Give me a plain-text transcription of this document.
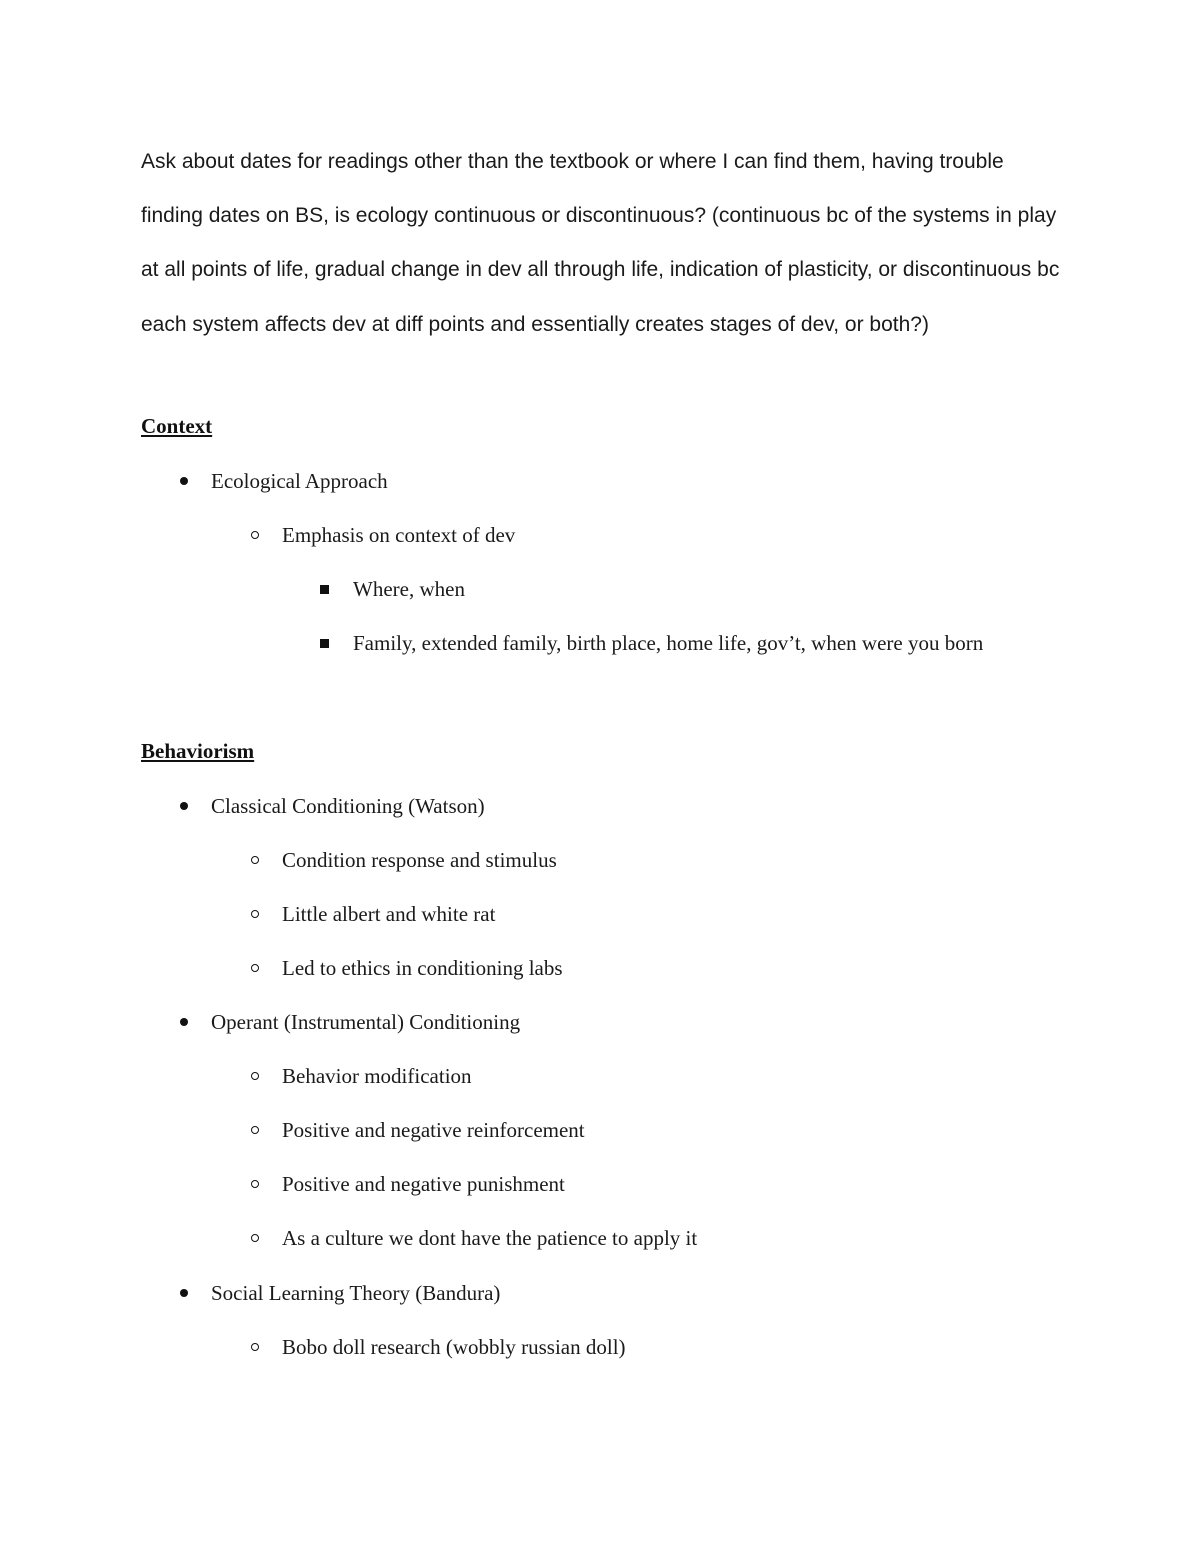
Ask about dates for readings other than the textbook or where I can find them, having trouble finding dates on BS, is ecology continuous or discontinuous? (continuous bc of the systems in play at all points of life, gradual change in dev all through life, indication of plasticity, or discontinuous bc each system affects dev at diff points and essentially creates stages of dev, or both?)
Context
Ecological Approach
Emphasis on context of dev
Where, when
Family, extended family, birth place, home life, gov’t, when were you born
Behaviorism
Classical Conditioning (Watson)
Condition response and stimulus
Little albert and white rat
Led to ethics in conditioning labs
Operant (Instrumental) Conditioning
Behavior modification
Positive and negative reinforcement
Positive and negative punishment
As a culture we dont have the patience to apply it
Social Learning Theory (Bandura)
Bobo doll research (wobbly russian doll)
